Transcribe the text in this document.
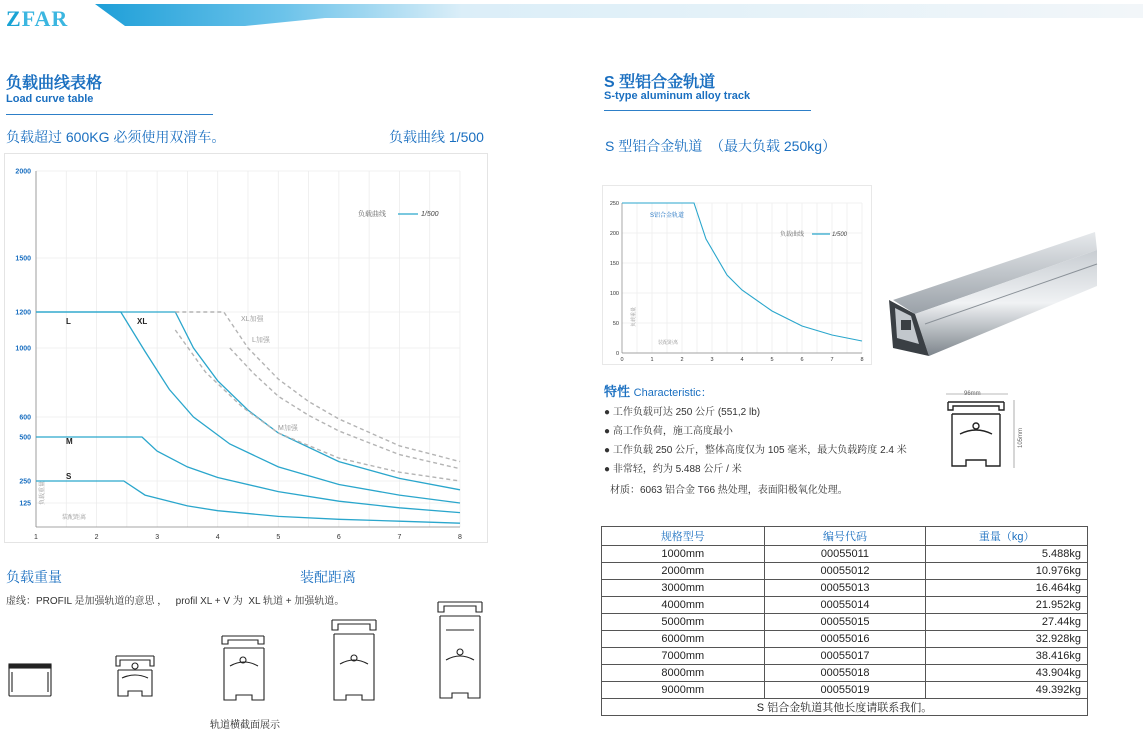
ZFAR
负载曲线表格
Load curve table
负载超过 600KG 必须使用双滑车。	负载曲线 1/500
125
250
500
600
1000
1200
1500
2000
1	2	3	4	5	6	7	8
负载重量
装配距离
L	XL
M
S
XL加强
L加强
M加强
负载曲线	1/500
负载重量	装配距离
虚线：PROFIL 是加强轨道的意思 ，   profil XL + V 为  XL 轨道 + 加强轨道。
轨道横截面展示
S 型铝合金轨道
S-type aluminum alloy track
S 型铝合金轨道  （最大负载 250kg）
0
50
100
150
200
250
0	1	2	3	4	5	6	7	8
负载重量
装配距离
S铝合金轨道
负载曲线	1/500
特性 Characteristic：
● 工作负载可达 250 公斤 (551,2 lb)
● 高工作负荷，施工高度最小
● 工作负载 250 公斤，整体高度仅为 105 毫米，最大负载跨度 2.4 米
● 非常轻，约为 5.488 公斤 / 米
材质：6063 铝合金 T66 热处理，表面阳极氧化处理。
96mm
105mm
规格型号	编号代码	重量（kg）
1000mm	00055011	5.488kg
2000mm	00055012	10.976kg
3000mm	00055013	16.464kg
4000mm	00055014	21.952kg
5000mm	00055015	27.44kg
6000mm	00055016	32.928kg
7000mm	00055017	38.416kg
8000mm	00055018	43.904kg
9000mm	00055019	49.392kg
S 铝合金轨道其他长度请联系我们。		
